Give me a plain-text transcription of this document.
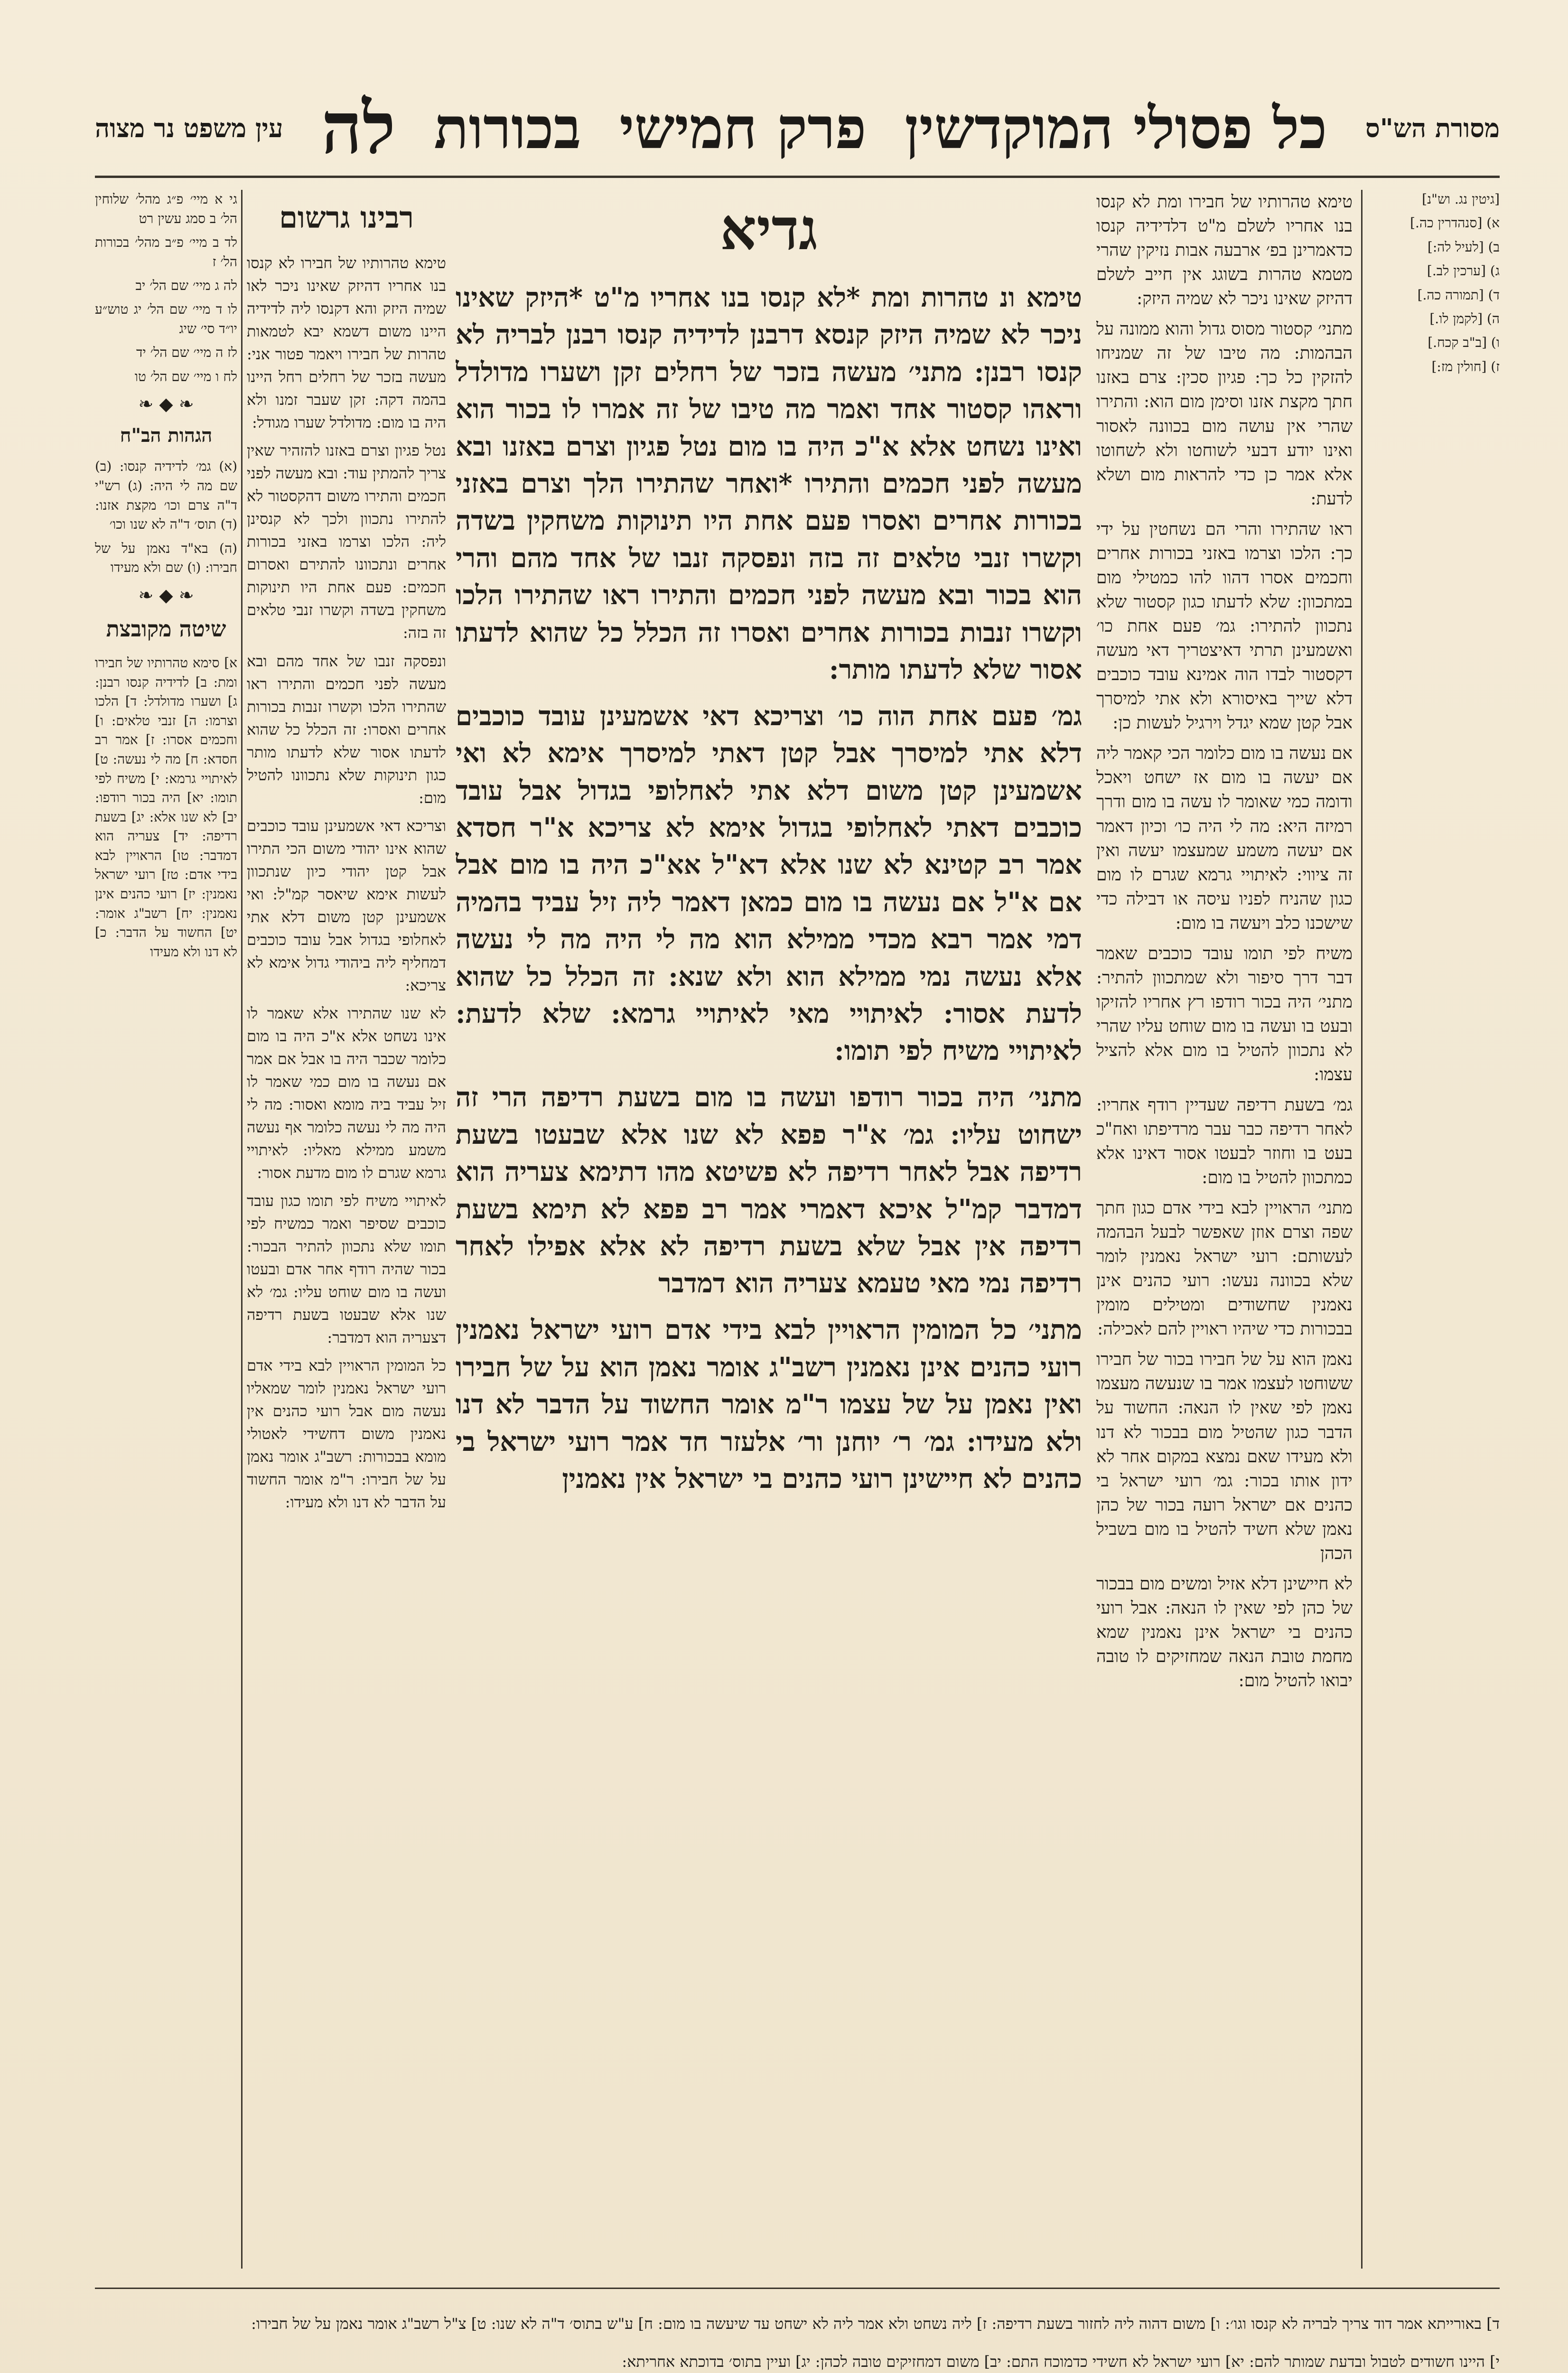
מסורת הש"ס
כל פסולי המוקדשין
פרק חמישי
בכורות
לה
עין משפט נר מצוה

[גיטין נג. וש"נ]

א) [סנהדרין כה.]

ב) [לעיל לה:]

ג) [ערכין לב.]

ד) [תמורה כה.]

ה) [לקמן לו.]

ו) [ב"ב קכח.]

ז) [חולין מז:]

טימא טהרותיו של חבירו ומת לא קנסו בנו אחריו לשלם מ"ט דלדידיה קנסו כדאמרינן בפ׳ ארבעה אבות נזיקין שהרי מטמא טהרות בשוגג אין חייב לשלם דהיזק שאינו ניכר לא שמיה היזק:

מתני׳ קסטור מסוס גדול והוא ממונה על הבהמות: מה טיבו של זה שמניחו להזקין כל כך: פגיון סכין: צרם באזנו חתך מקצת אזנו וסימן מום הוא: והתירו שהרי אין עושה מום בכוונה לאסור ואינו יודע דבעי לשוחטו ולא לשחוטו אלא אמר כן כדי להראות מום ושלא לדעת:

ראו שהתירו והרי הם נשחטין על ידי כך: הלכו וצרמו באזני בכורות אחרים וחכמים אסרו דהוו להו כמטילי מום במתכוון: שלא לדעתו כגון קסטור שלא נתכוון להתירו: גמ׳ פעם אחת כו׳ ואשמעינן תרתי דאיצטריך דאי מעשה דקסטור לבדו הוה אמינא עובד כוכבים דלא שייך באיסורא ולא אתי למיסרך אבל קטן שמא יגדל וירגיל לעשות כן:

אם נעשה בו מום כלומר הכי קאמר ליה אם יעשה בו מום אז ישחט ויאכל ודומה כמי שאומר לו עשה בו מום ודרך רמיזה היא: מה לי היה כו׳ וכיון דאמר אם יעשה משמע שמעצמו יעשה ואין זה ציווי: לאיתויי גרמא שגרם לו מום כגון שהניח לפניו עיסה או דבילה כדי שישכנו כלב ויעשה בו מום:

משיח לפי תומו עובד כוכבים שאמר דבר דרך סיפור ולא שמתכוון להתיר: מתני׳ היה בכור רודפו רץ אחריו להזיקו ובעט בו ועשה בו מום שוחט עליו שהרי לא נתכוון להטיל בו מום אלא להציל עצמו:

גמ׳ בשעת רדיפה שעדיין רודף אחריו: לאחר רדיפה כבר עבר מרדיפתו ואח"כ בעט בו וחוזר לבעטו אסור דאינו אלא כמתכוון להטיל בו מום:

מתני׳ הראויין לבא בידי אדם כגון חתך שפה וצרם אוזן שאפשר לבעל הבהמה לעשותם: רועי ישראל נאמנין לומר שלא בכוונה נעשו: רועי כהנים אינן נאמנין שחשודים ומטילים מומין בבכורות כדי שיהיו ראויין להם לאכילה:

נאמן הוא על של חבירו בכור של חבירו ששוחטו לעצמו אמר בו שנעשה מעצמו נאמן לפי שאין לו הנאה: החשוד על הדבר כגון שהטיל מום בבכור לא דנו ולא מעידו שאם נמצא במקום אחר לא ידון אותו בכור: גמ׳ רועי ישראל בי כהנים אם ישראל רועה בכור של כהן נאמן שלא חשיד להטיל בו מום בשביל הכהן

לא חיישינן דלא אזיל ומשים מום בבכור של כהן לפי שאין לו הנאה: אבל רועי כהנים בי ישראל אינן נאמנין שמא מחמת טובת הנאה שמחזיקים לו טובה יבואו להטיל מום:

גדיא

טימא ונ טהרות ומת *לא קנסו בנו אחריו מ"ט *היזק שאינו ניכר לא שמיה היזק קנסא דרבנן לדידיה קנסו רבנן לבריה לא קנסו רבנן: מתני׳ מעשה בזכר של רחלים זקן ושערו מדולדל וראהו קסטור אחד ואמר מה טיבו של זה אמרו לו בכור הוא ואינו נשחט אלא א"כ היה בו מום נטל פגיון וצרם באזנו ובא מעשה לפני חכמים והתירו *ואחר שהתירו הלך וצרם באזני בכורות אחרים ואסרו פעם אחת היו תינוקות משחקין בשדה וקשרו זנבי טלאים זה בזה ונפסקה זנבו של אחד מהם והרי הוא בכור ובא מעשה לפני חכמים והתירו ראו שהתירו הלכו וקשרו זנבות בכורות אחרים ואסרו זה הכלל כל שהוא לדעתו אסור שלא לדעתו מותר:

גמ׳ פעם אחת הוה כו׳ וצריכא דאי אשמעינן עובד כוכבים דלא אתי למיסרך אבל קטן דאתי למיסרך אימא לא ואי אשמעינן קטן משום דלא אתי לאחלופי בגדול אבל עובד כוכבים דאתי לאחלופי בגדול אימא לא צריכא א"ר חסדא אמר רב קטינא לא שנו אלא דא"ל אא"כ היה בו מום אבל אם א"ל אם נעשה בו מום כמאן דאמר ליה זיל עביד בהמיה דמי אמר רבא מכדי ממילא הוא מה לי היה מה לי נעשה אלא נעשה נמי ממילא הוא ולא שנא: זה הכלל כל שהוא לדעת אסור: לאיתויי מאי לאיתויי גרמא: שלא לדעת: לאיתויי משיח לפי תומו:

מתני׳ היה בכור רודפו ועשה בו מום בשעת רדיפה הרי זה ישחוט עליו: גמ׳ א"ר פפא לא שנו אלא שבעטו בשעת רדיפה אבל לאחר רדיפה לא פשיטא מהו דתימא צעריה הוא דמדבר קמ"ל איכא דאמרי אמר רב פפא לא תימא בשעת רדיפה אין אבל שלא בשעת רדיפה לא אלא אפילו לאחר רדיפה נמי מאי טעמא צעריה הוא דמדבר

מתני׳ כל המומין הראויין לבא בידי אדם רועי ישראל נאמנין רועי כהנים אינן נאמנין רשב"ג אומר נאמן הוא על של חבירו ואין נאמן על של עצמו ר"מ אומר החשוד על הדבר לא דנו ולא מעידו: גמ׳ ר׳ יוחנן ור׳ אלעזר חד אמר רועי ישראל בי כהנים לא חיישינן רועי כהנים בי ישראל אין נאמנין

רבינו גרשום

טימא טהרותיו של חבירו לא קנסו בנו אחריו דהיזק שאינו ניכר לאו שמיה היזק והא דקנסו ליה לדידיה היינו משום דשמא יבא לטמאות טהרות של חבירו ויאמר פטור אני: מעשה בזכר של רחלים רחל היינו בהמה דקה: זקן שעבר זמנו ולא היה בו מום: מדולדל שערו מגודל:

נטל פגיון וצרם באזנו להזהיר שאין צריך להמתין עוד: ובא מעשה לפני חכמים והתירו משום דהקסטור לא להתירו נתכוון ולכך לא קנסינן ליה: הלכו וצרמו באזני בכורות אחרים ונתכוונו להתירם ואסרום חכמים: פעם אחת היו תינוקות משחקין בשדה וקשרו זנבי טלאים זה בזה:

ונפסקה זנבו של אחד מהם ובא מעשה לפני חכמים והתירו ראו שהתירו הלכו וקשרו זנבות בכורות אחרים ואסרו: זה הכלל כל שהוא לדעתו אסור שלא לדעתו מותר כגון תינוקות שלא נתכוונו להטיל מום:

וצריכא דאי אשמעינן עובד כוכבים שהוא אינו יהודי משום הכי התירו אבל קטן יהודי כיון שנתכוון לעשות אימא שיאסר קמ"ל: ואי אשמעינן קטן משום דלא אתי לאחלופי בגדול אבל עובד כוכבים דמחליף ליה ביהודי גדול אימא לא צריכא:

לא שנו שהתירו אלא שאמר לו אינו נשחט אלא א"כ היה בו מום כלומר שכבר היה בו אבל אם אמר אם נעשה בו מום כמי שאמר לו זיל עביד ביה מומא ואסור: מה לי היה מה לי נעשה כלומר אף נעשה משמע ממילא מאליו: לאיתויי גרמא שגרם לו מום מדעת אסור:

לאיתויי משיח לפי תומו כגון עובד כוכבים שסיפר ואמר כמשיח לפי תומו שלא נתכוון להתיר הבכור: בכור שהיה רודף אחר אדם ובעטו ועשה בו מום שוחט עליו: גמ׳ לא שנו אלא שבעטו בשעת רדיפה דצעריה הוא דמדבר:

כל המומין הראויין לבא בידי אדם רועי ישראל נאמנין לומר שמאליו נעשה מום אבל רועי כהנים אין נאמנין משום דחשידי לאטולי מומא בבכורות: רשב"ג אומר נאמן על של חבירו: ר"מ אומר החשוד על הדבר לא דנו ולא מעידו:

גי א מיי׳ פ״ג מהל׳ שלוחין הל׳ ב סמג עשין רט

לד ב מיי׳ פ״ב מהל׳ בכורות הל׳ ז

לה ג מיי׳ שם הל׳ יב

לו ד מיי׳ שם הל׳ יג טוש״ע יו״ד סי׳ שיג

לז ה מיי׳ שם הל׳ יד

לח ו מיי׳ שם הל׳ טו

❧ ◆ ❧
הגהות הב"ח

(א) גמ׳ לדידיה קנסו: (ב) שם מה לי היה: (ג) רש"י ד"ה צרם וכו׳ מקצת אזנו: (ד) תוס׳ ד"ה לא שנו וכו׳

(ה) בא"ד נאמן על של חבירו: (ו) שם ולא מעידו

❧ ◆ ❧
שיטה מקובצת

א] סימא טהרותיו של חבירו ומת: ב] לדידיה קנסו רבנן: ג] ושערו מדולדל: ד] הלכו וצרמו: ה] זנבי טלאים: ו] וחכמים אסרו: ז] אמר רב חסדא: ח] מה לי נעשה: ט] לאיתויי גרמא: י] משיח לפי תומו: יא] היה בכור רודפו: יב] לא שנו אלא: יג] בשעת רדיפה: יד] צעריה הוא דמדבר: טו] הראויין לבא בידי אדם: טז] רועי ישראל נאמנין: יז] רועי כהנים אינן נאמנין: יח] רשב"ג אומר: יט] החשוד על הדבר: כ] לא דנו ולא מעידו

ד] באורייתא אמר דוד צריך לבריה לא קנסו וגו׳: ו] משום דהוה ליה לחזור בשעת רדיפה: ז] ליה נשחט ולא אמר ליה לא ישחט עד שיעשה בו מום: ח] ע"ש בתוס׳ ד"ה לא שנו: ט] צ"ל רשב"ג אומר נאמן על של חבירו:

י] היינו חשודים לטבול ובדעת שמותר להם: יא] רועי ישראל לא חשידי כדמוכח התם: יב] משום דמחזיקים טובה לכהן: יג] ועיין בתוס׳ בדוכתא אחריתא:
